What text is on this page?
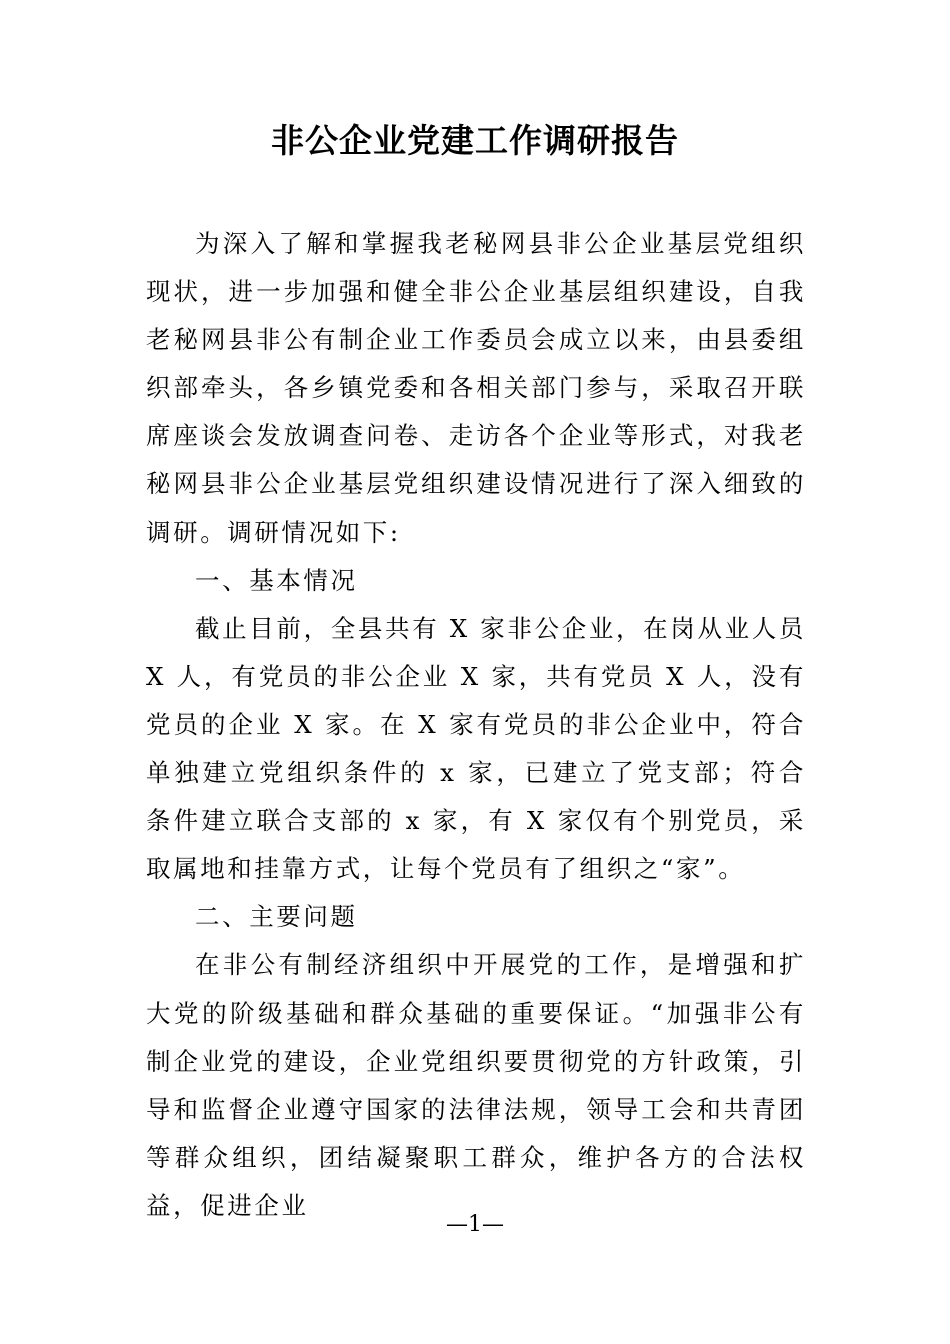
非公企业党建工作调研报告

为深入了解和掌握我老秘网县非公企业基层党组织现状，进一步加强和健全非公企业基层组织建设，自我老秘网县非公有制企业工作委员会成立以来，由县委组织部牵头，各乡镇党委和各相关部门参与，采取召开联席座谈会发放调查问卷、走访各个企业等形式，对我老秘网县非公企业基层党组织建设情况进行了深入细致的调研。调研情况如下:

一、基本情况

截止目前，全县共有 X 家非公企业，在岗从业人员 X 人，有党员的非公企业 X 家，共有党员 X 人，没有党员的企业 X 家。在 X 家有党员的非公企业中，符合单独建立党组织条件的 x 家，已建立了党支部；符合条件建立联合支部的 x 家，有 X 家仅有个别党员，采取属地和挂靠方式，让每个党员有了组织之“家”。

二、主要问题

在非公有制经济组织中开展党的工作，是增强和扩大党的阶级基础和群众基础的重要保证。“加强非公有制企业党的建设，企业党组织要贯彻党的方针政策，引导和监督企业遵守国家的法律法规，领导工会和共青团等群众组织，团结凝聚职工群众，维护各方的合法权益，促进企业

—1—
